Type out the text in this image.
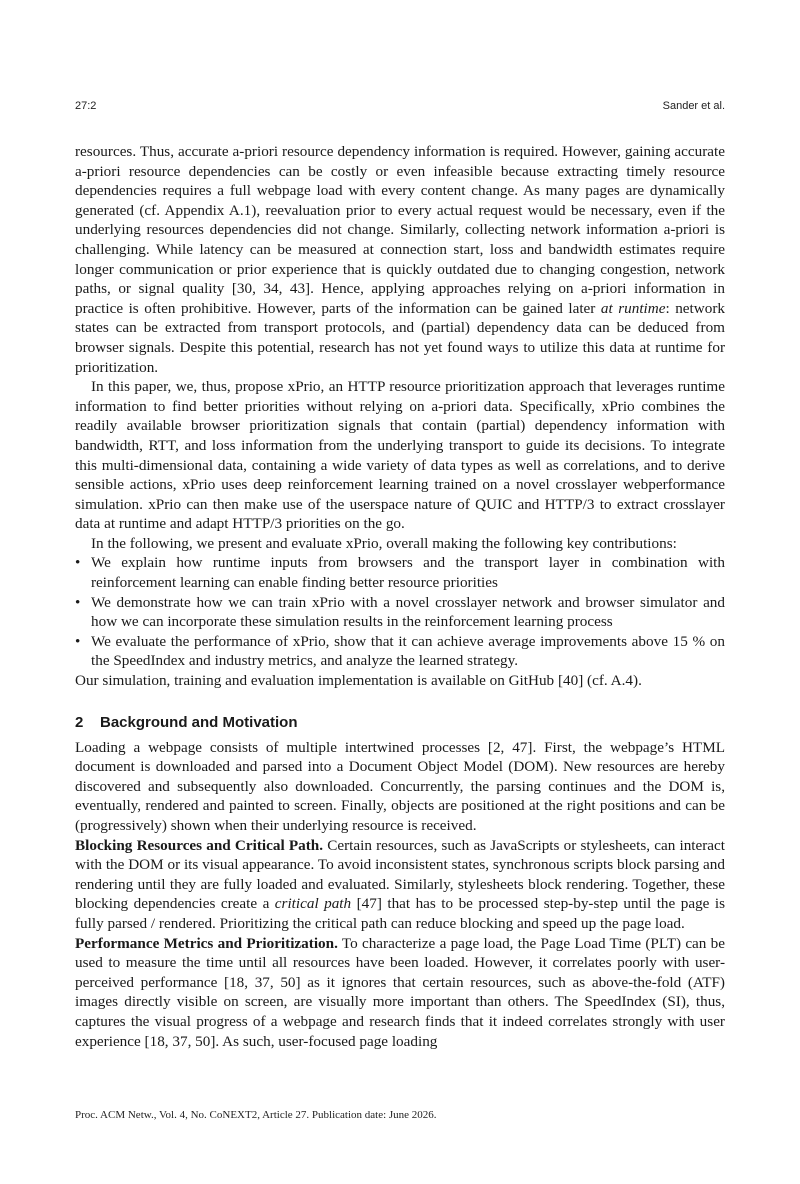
27:2	Sander et al.

resources. Thus, accurate a-priori resource dependency information is required. However, gaining accurate a-priori resource dependencies can be costly or even infeasible because extracting timely resource dependencies requires a full webpage load with every content change. As many pages are dynamically generated (cf. Appendix A.1), reevaluation prior to every actual request would be necessary, even if the underlying resources dependencies did not change. Similarly, collecting network information a-priori is challenging. While latency can be measured at connection start, loss and bandwidth estimates require longer communication or prior experience that is quickly outdated due to changing congestion, network paths, or signal quality [30, 34, 43]. Hence, applying approaches relying on a-priori information in practice is often prohibitive. However, parts of the information can be gained later at runtime: network states can be extracted from transport protocols, and (partial) dependency data can be deduced from browser signals. Despite this potential, research has not yet found ways to utilize this data at runtime for prioritization.

In this paper, we, thus, propose xPrio, an HTTP resource prioritization approach that leverages runtime information to find better priorities without relying on a-priori data. Specifically, xPrio combines the readily available browser prioritization signals that contain (partial) dependency information with bandwidth, RTT, and loss information from the underlying transport to guide its decisions. To integrate this multi-dimensional data, containing a wide variety of data types as well as correlations, and to derive sensible actions, xPrio uses deep reinforcement learning trained on a novel crosslayer webperformance simulation. xPrio can then make use of the userspace nature of QUIC and HTTP/3 to extract crosslayer data at runtime and adapt HTTP/3 priorities on the go.

In the following, we present and evaluate xPrio, overall making the following key contributions:

• We explain how runtime inputs from browsers and the transport layer in combination with reinforcement learning can enable finding better resource priorities
• We demonstrate how we can train xPrio with a novel crosslayer network and browser simulator and how we can incorporate these simulation results in the reinforcement learning process
• We evaluate the performance of xPrio, show that it can achieve average improvements above 15 % on the SpeedIndex and industry metrics, and analyze the learned strategy.

Our simulation, training and evaluation implementation is available on GitHub [40] (cf. A.4).

2 Background and Motivation

Loading a webpage consists of multiple intertwined processes [2, 47]. First, the webpage’s HTML document is downloaded and parsed into a Document Object Model (DOM). New resources are hereby discovered and subsequently also downloaded. Concurrently, the parsing continues and the DOM is, eventually, rendered and painted to screen. Finally, objects are positioned at the right positions and can be (progressively) shown when their underlying resource is received.

Blocking Resources and Critical Path. Certain resources, such as JavaScripts or stylesheets, can interact with the DOM or its visual appearance. To avoid inconsistent states, synchronous scripts block parsing and rendering until they are fully loaded and evaluated. Similarly, stylesheets block rendering. Together, these blocking dependencies create a critical path [47] that has to be processed step-by-step until the page is fully parsed / rendered. Prioritizing the critical path can reduce blocking and speed up the page load.

Performance Metrics and Prioritization. To characterize a page load, the Page Load Time (PLT) can be used to measure the time until all resources have been loaded. However, it correlates poorly with user-perceived performance [18, 37, 50] as it ignores that certain resources, such as above-the-fold (ATF) images directly visible on screen, are visually more important than others. The SpeedIndex (SI), thus, captures the visual progress of a webpage and research finds that it indeed correlates strongly with user experience [18, 37, 50]. As such, user-focused page loading

Proc. ACM Netw., Vol. 4, No. CoNEXT2, Article 27. Publication date: June 2026.
